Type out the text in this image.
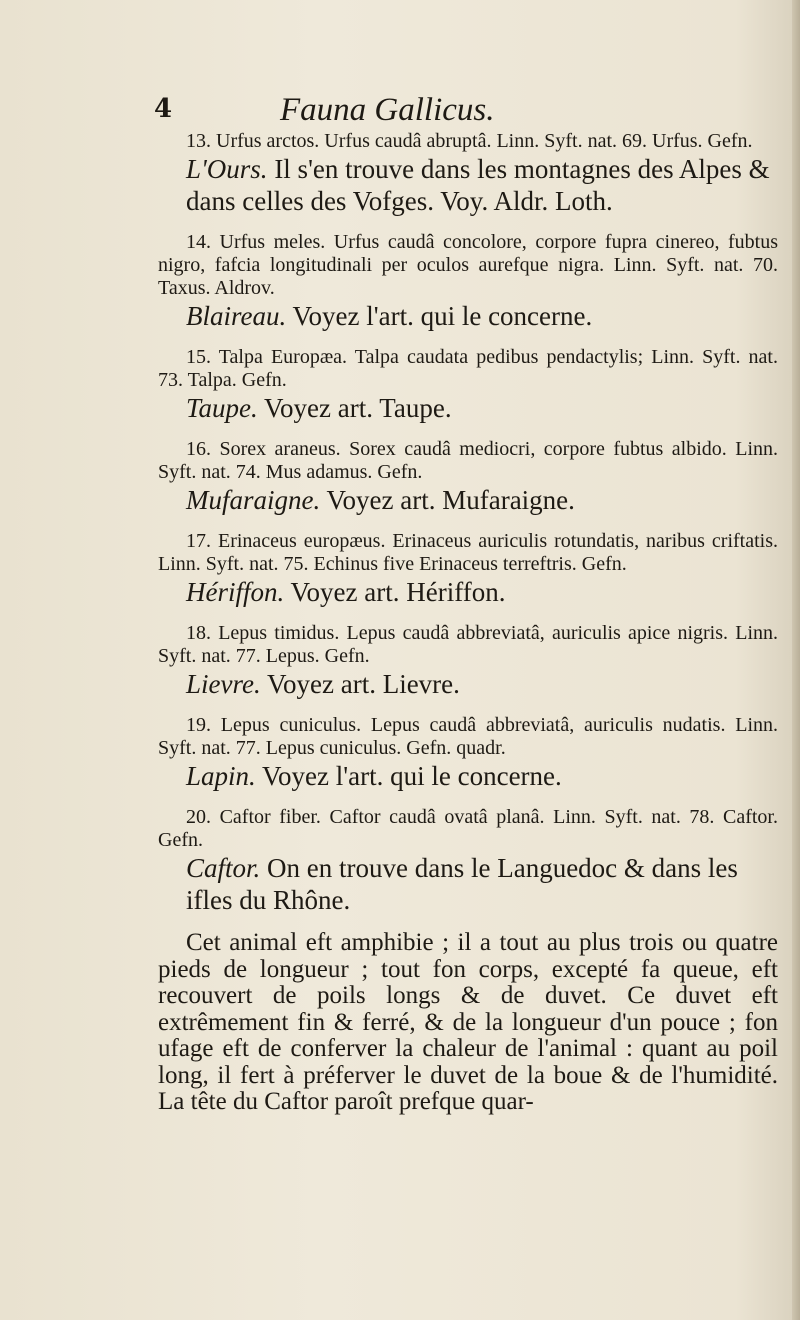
4	Fauna Gallicus.

13. Urfus arctos. Urfus caudâ abruptâ. Linn. Syft. nat. 69. Urfus. Gefn.

L'Ours. Il s'en trouve dans les montagnes des Alpes & dans celles des Vofges. Voy. Aldr. Loth.

14. Urfus meles. Urfus caudâ concolore, corpore fupra cinereo, fubtus nigro, fafcia longitudinali per oculos aurefque nigra. Linn. Syft. nat. 70. Taxus. Aldrov.

Blaireau. Voyez l'art. qui le concerne.

15. Talpa Europæa. Talpa caudata pedibus pendactylis; Linn. Syft. nat. 73. Talpa. Gefn.

Taupe. Voyez art. Taupe.

16. Sorex araneus. Sorex caudâ mediocri, corpore fubtus albido. Linn. Syft. nat. 74. Mus adamus. Gefn.

Mufaraigne. Voyez art. Mufaraigne.

17. Erinaceus europæus. Erinaceus auriculis rotundatis, naribus criftatis. Linn. Syft. nat. 75. Echinus five Erinaceus terreftris. Gefn.

Hériffon. Voyez art. Hériffon.

18. Lepus timidus. Lepus caudâ abbreviatâ, auriculis apice nigris. Linn. Syft. nat. 77. Lepus. Gefn.

Lievre. Voyez art. Lievre.

19. Lepus cuniculus. Lepus caudâ abbreviatâ, auriculis nudatis. Linn. Syft. nat. 77. Lepus cuniculus. Gefn. quadr.

Lapin. Voyez l'art. qui le concerne.

20. Caftor fiber. Caftor caudâ ovatâ planâ. Linn. Syft. nat. 78. Caftor. Gefn.

Caftor. On en trouve dans le Languedoc & dans les ifles du Rhône.

Cet animal eft amphibie ; il a tout au plus trois ou quatre pieds de longueur ; tout fon corps, excepté fa queue, eft recouvert de poils longs & de duvet. Ce duvet eft extrêmement fin & ferré, & de la longueur d'un pouce ; fon ufage eft de conferver la chaleur de l'animal : quant au poil long, il fert à préferver le duvet de la boue & de l'humidité. La tête du Caftor paroît prefque quar-
